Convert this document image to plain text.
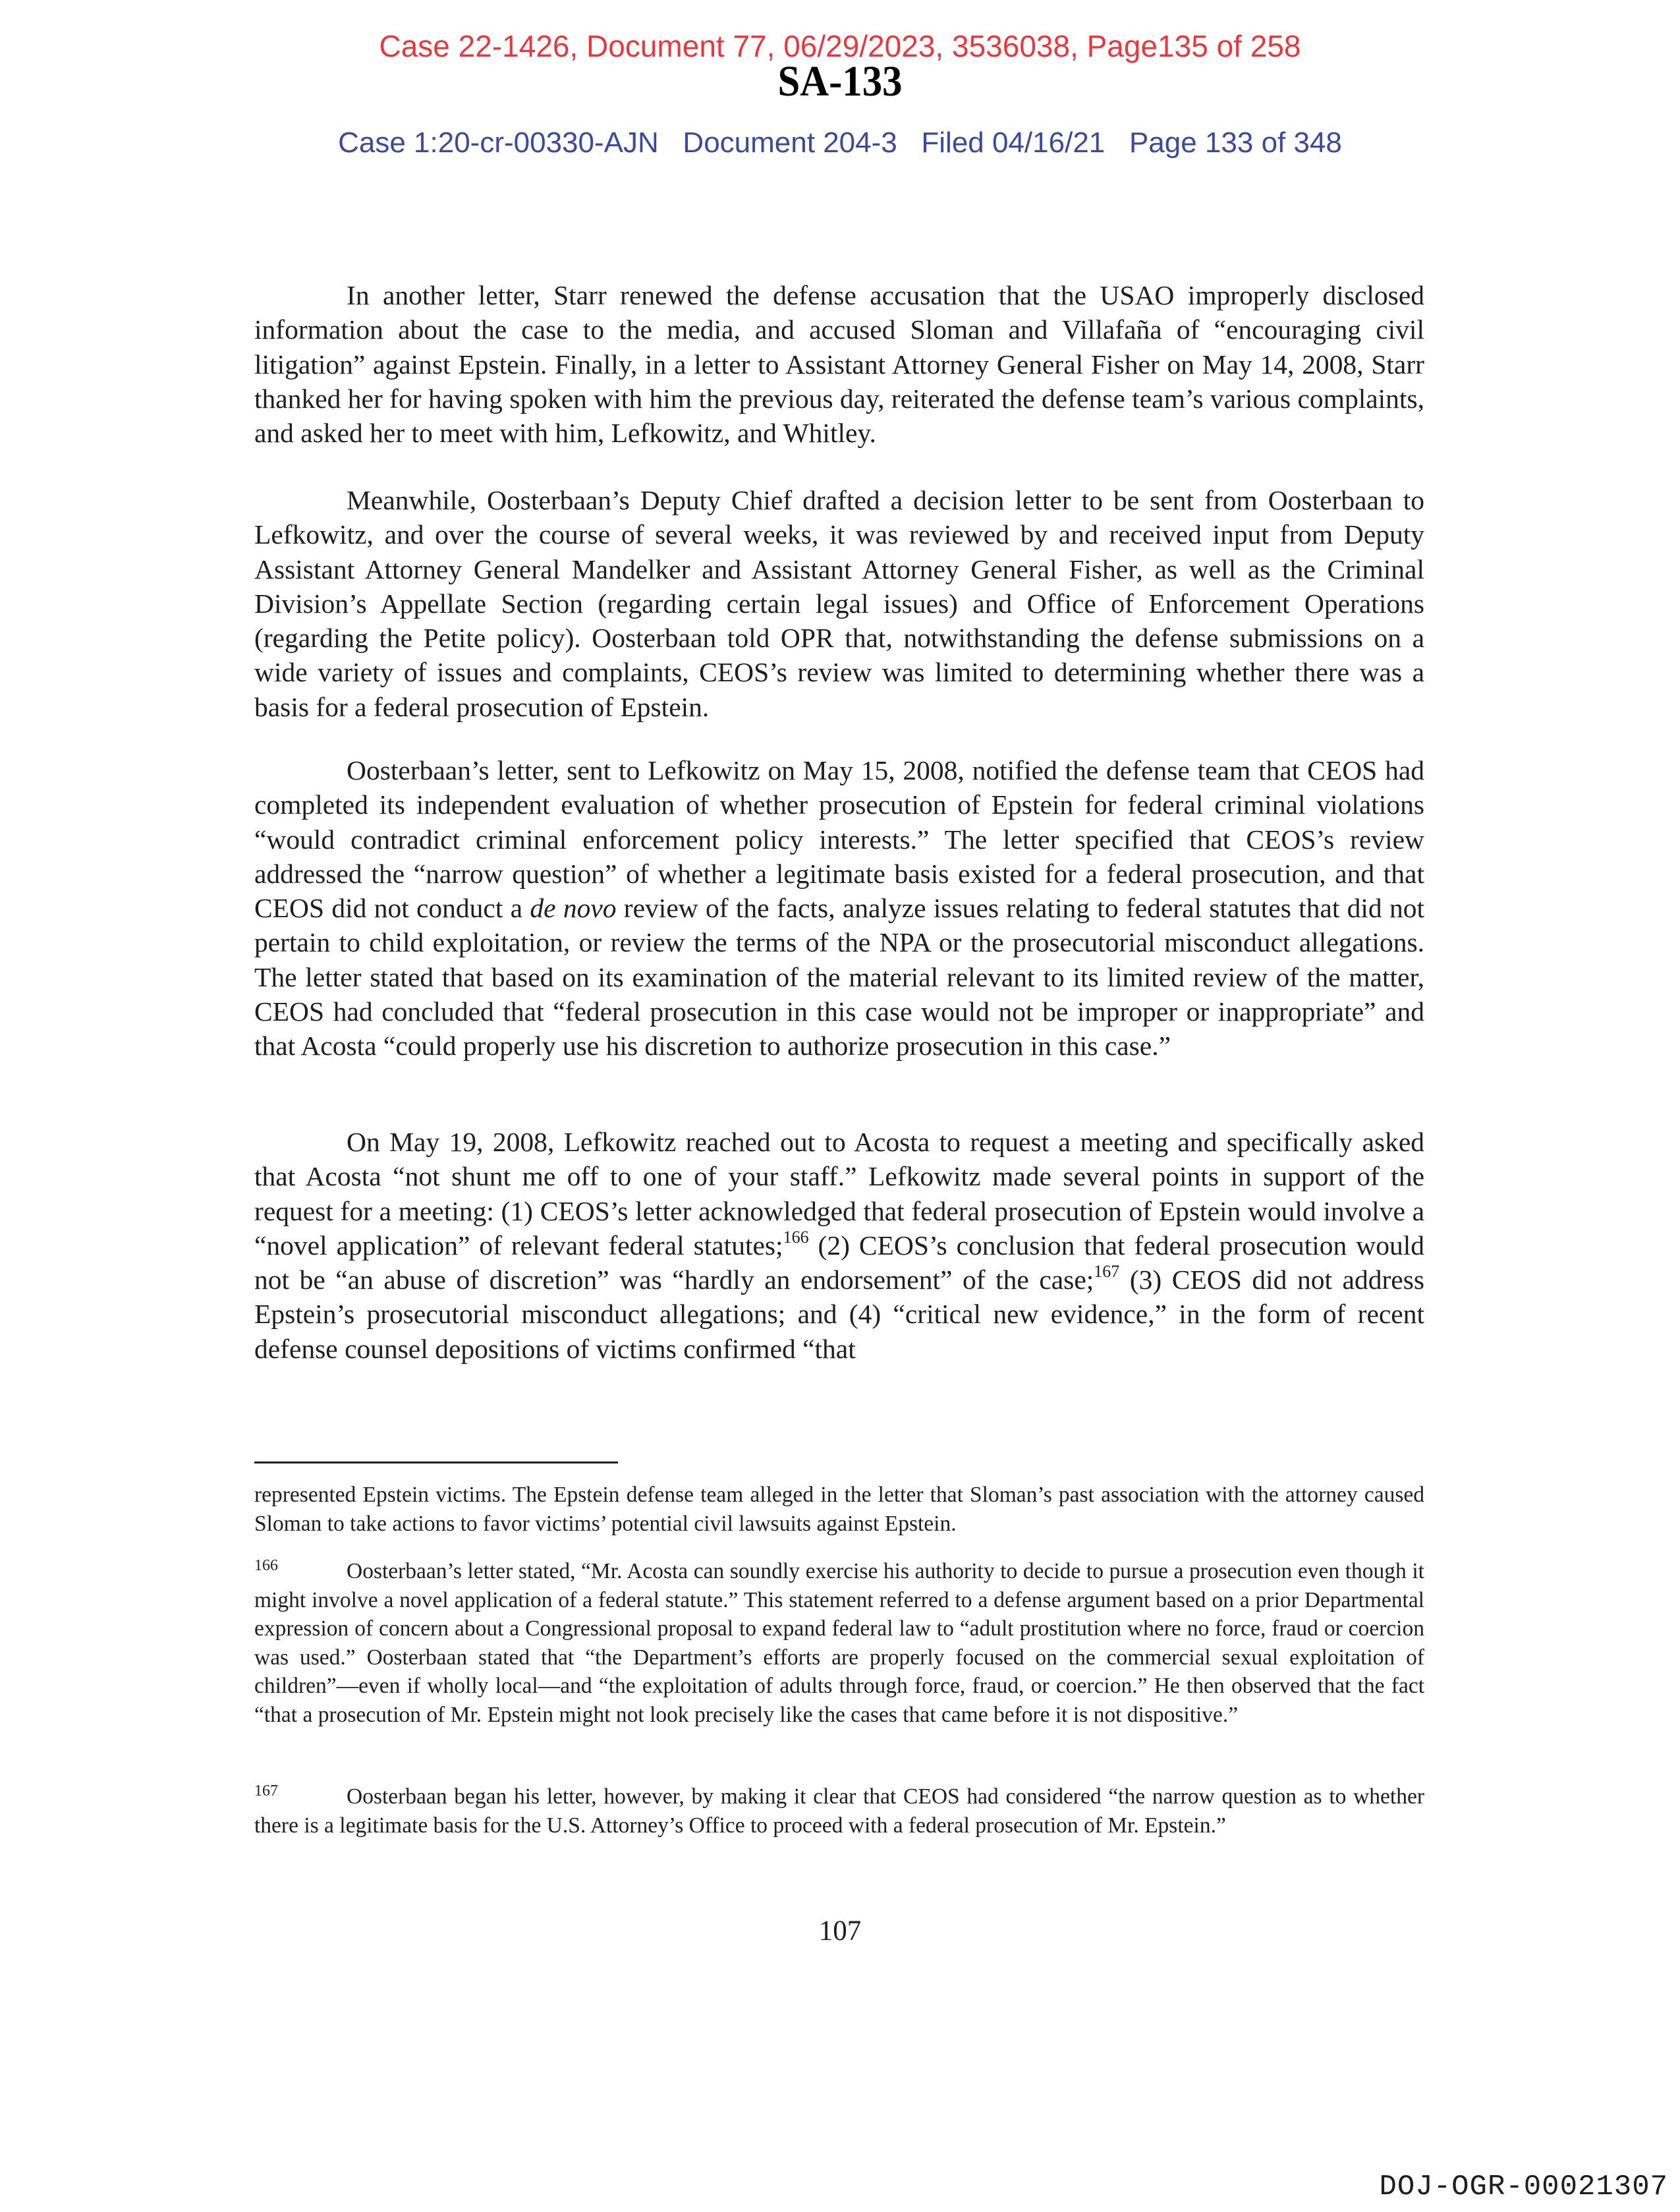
Case 22-1426, Document 77, 06/29/2023, 3536038, Page135 of 258
SA-133
Case 1:20-cr-00330-AJN   Document 204-3   Filed 04/16/21   Page 133 of 348

In another letter, Starr renewed the defense accusation that the USAO improperly disclosed information about the case to the media, and accused Sloman and Villafaña of “encouraging civil litigation” against Epstein. Finally, in a letter to Assistant Attorney General Fisher on May 14, 2008, Starr thanked her for having spoken with him the previous day, reiterated the defense team’s various complaints, and asked her to meet with him, Lefkowitz, and Whitley.

Meanwhile, Oosterbaan’s Deputy Chief drafted a decision letter to be sent from Oosterbaan to Lefkowitz, and over the course of several weeks, it was reviewed by and received input from Deputy Assistant Attorney General Mandelker and Assistant Attorney General Fisher, as well as the Criminal Division’s Appellate Section (regarding certain legal issues) and Office of Enforcement Operations (regarding the Petite policy). Oosterbaan told OPR that, notwithstanding the defense submissions on a wide variety of issues and complaints, CEOS’s review was limited to determining whether there was a basis for a federal prosecution of Epstein.

Oosterbaan’s letter, sent to Lefkowitz on May 15, 2008, notified the defense team that CEOS had completed its independent evaluation of whether prosecution of Epstein for federal criminal violations “would contradict criminal enforcement policy interests.” The letter specified that CEOS’s review addressed the “narrow question” of whether a legitimate basis existed for a federal prosecution, and that CEOS did not conduct a de novo review of the facts, analyze issues relating to federal statutes that did not pertain to child exploitation, or review the terms of the NPA or the prosecutorial misconduct allegations. The letter stated that based on its examination of the material relevant to its limited review of the matter, CEOS had concluded that “federal prosecution in this case would not be improper or inappropriate” and that Acosta “could properly use his discretion to authorize prosecution in this case.”

On May 19, 2008, Lefkowitz reached out to Acosta to request a meeting and specifically asked that Acosta “not shunt me off to one of your staff.” Lefkowitz made several points in support of the request for a meeting: (1) CEOS’s letter acknowledged that federal prosecution of Epstein would involve a “novel application” of relevant federal statutes;$^{166}$ (2) CEOS’s conclusion that federal prosecution would not be “an abuse of discretion” was “hardly an endorsement” of the case;$^{167}$ (3) CEOS did not address Epstein’s prosecutorial misconduct allegations; and (4) “critical new evidence,” in the form of recent defense counsel depositions of victims confirmed “that

represented Epstein victims. The Epstein defense team alleged in the letter that Sloman’s past association with the attorney caused Sloman to take actions to favor victims’ potential civil lawsuits against Epstein.

166	Oosterbaan’s letter stated, “Mr. Acosta can soundly exercise his authority to decide to pursue a prosecution even though it might involve a novel application of a federal statute.” This statement referred to a defense argument based on a prior Departmental expression of concern about a Congressional proposal to expand federal law to “adult prostitution where no force, fraud or coercion was used.” Oosterbaan stated that “the Department’s efforts are properly focused on the commercial sexual exploitation of children”—even if wholly local—and “the exploitation of adults through force, fraud, or coercion.” He then observed that the fact “that a prosecution of Mr. Epstein might not look precisely like the cases that came before it is not dispositive.”

167	Oosterbaan began his letter, however, by making it clear that CEOS had considered “the narrow question as to whether there is a legitimate basis for the U.S. Attorney’s Office to proceed with a federal prosecution of Mr. Epstein.”

107
DOJ-OGR-00021307
